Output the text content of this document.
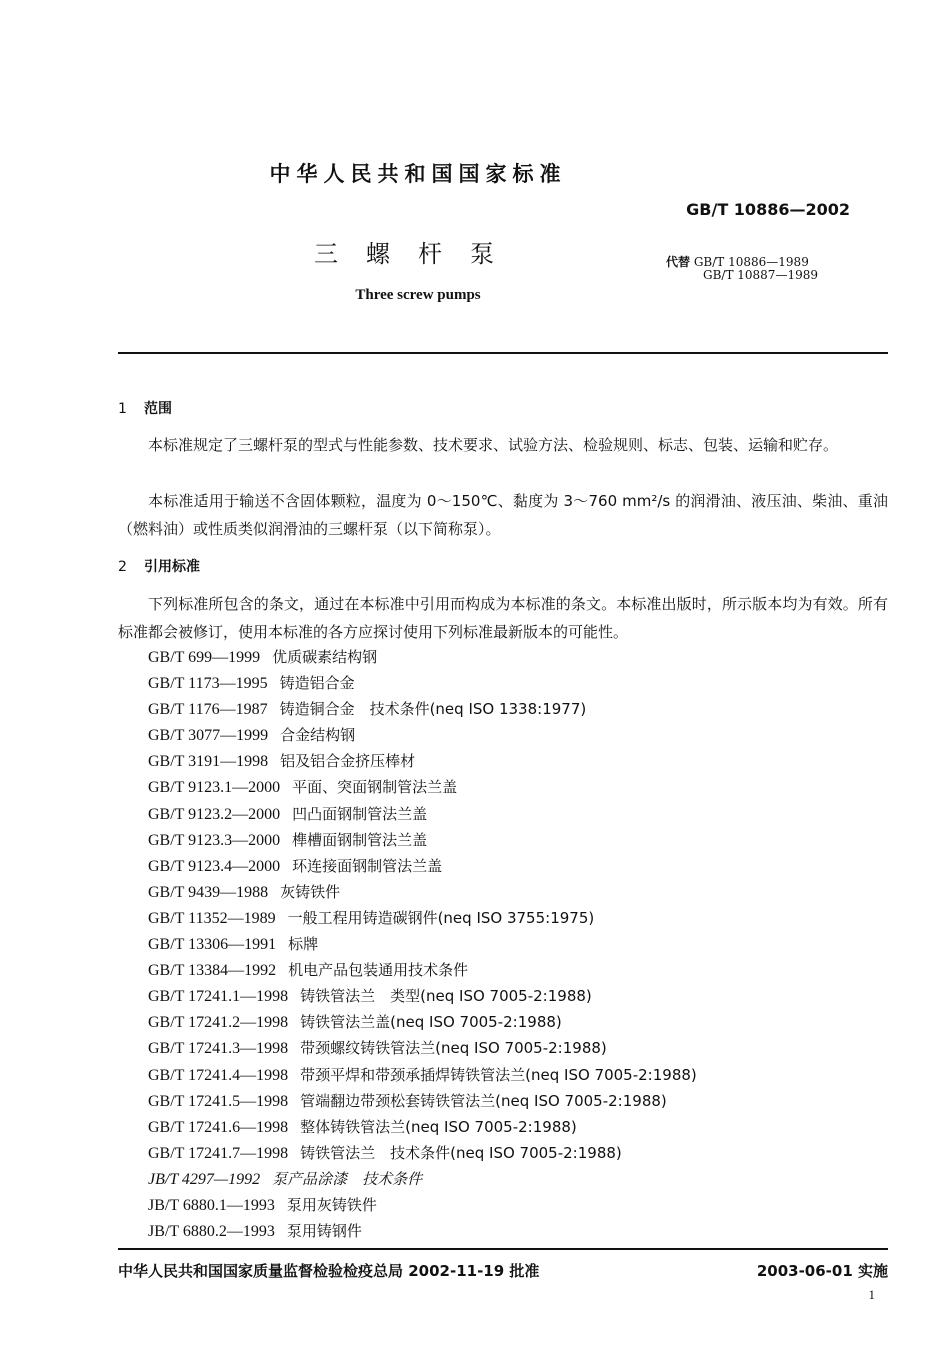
中华人民共和国国家标准
GB/T 10886—2002
三螺杆泵	代替 GB/T 10886—1989
GB/T 10887—1989
Three screw pumps
1 范围
本标准规定了三螺杆泵的型式与性能参数、技术要求、试验方法、检验规则、标志、包装、运输和贮存。
本标准适用于输送不含固体颗粒，温度为 0～150℃、黏度为 3～760 mm²/s 的润滑油、液压油、柴油、重油（燃料油）或性质类似润滑油的三螺杆泵（以下简称泵）。
2 引用标准
下列标准所包含的条文，通过在本标准中引用而构成为本标准的条文。本标准出版时，所示版本均为有效。所有标准都会被修订，使用本标准的各方应探讨使用下列标准最新版本的可能性。
GB/T 699—1999 优质碳素结构钢
GB/T 1173—1995 铸造铝合金
GB/T 1176—1987 铸造铜合金　技术条件(neq ISO 1338:1977)
GB/T 3077—1999 合金结构钢
GB/T 3191—1998 铝及铝合金挤压棒材
GB/T 9123.1—2000 平面、突面钢制管法兰盖
GB/T 9123.2—2000 凹凸面钢制管法兰盖
GB/T 9123.3—2000 榫槽面钢制管法兰盖
GB/T 9123.4—2000 环连接面钢制管法兰盖
GB/T 9439—1988 灰铸铁件
GB/T 11352—1989 一般工程用铸造碳钢件(neq ISO 3755:1975)
GB/T 13306—1991 标牌
GB/T 13384—1992 机电产品包装通用技术条件
GB/T 17241.1—1998 铸铁管法兰　类型(neq ISO 7005-2:1988)
GB/T 17241.2—1998 铸铁管法兰盖(neq ISO 7005-2:1988)
GB/T 17241.3—1998 带颈螺纹铸铁管法兰(neq ISO 7005-2:1988)
GB/T 17241.4—1998 带颈平焊和带颈承插焊铸铁管法兰(neq ISO 7005-2:1988)
GB/T 17241.5—1998 管端翻边带颈松套铸铁管法兰(neq ISO 7005-2:1988)
GB/T 17241.6—1998 整体铸铁管法兰(neq ISO 7005-2:1988)
GB/T 17241.7—1998 铸铁管法兰　技术条件(neq ISO 7005-2:1988)
JB/T 4297—1992 泵产品涂漆　技术条件
JB/T 6880.1—1993 泵用灰铸铁件
JB/T 6880.2—1993 泵用铸钢件
中华人民共和国国家质量监督检验检疫总局 2002-11-19 批准	2003-06-01 实施
1
